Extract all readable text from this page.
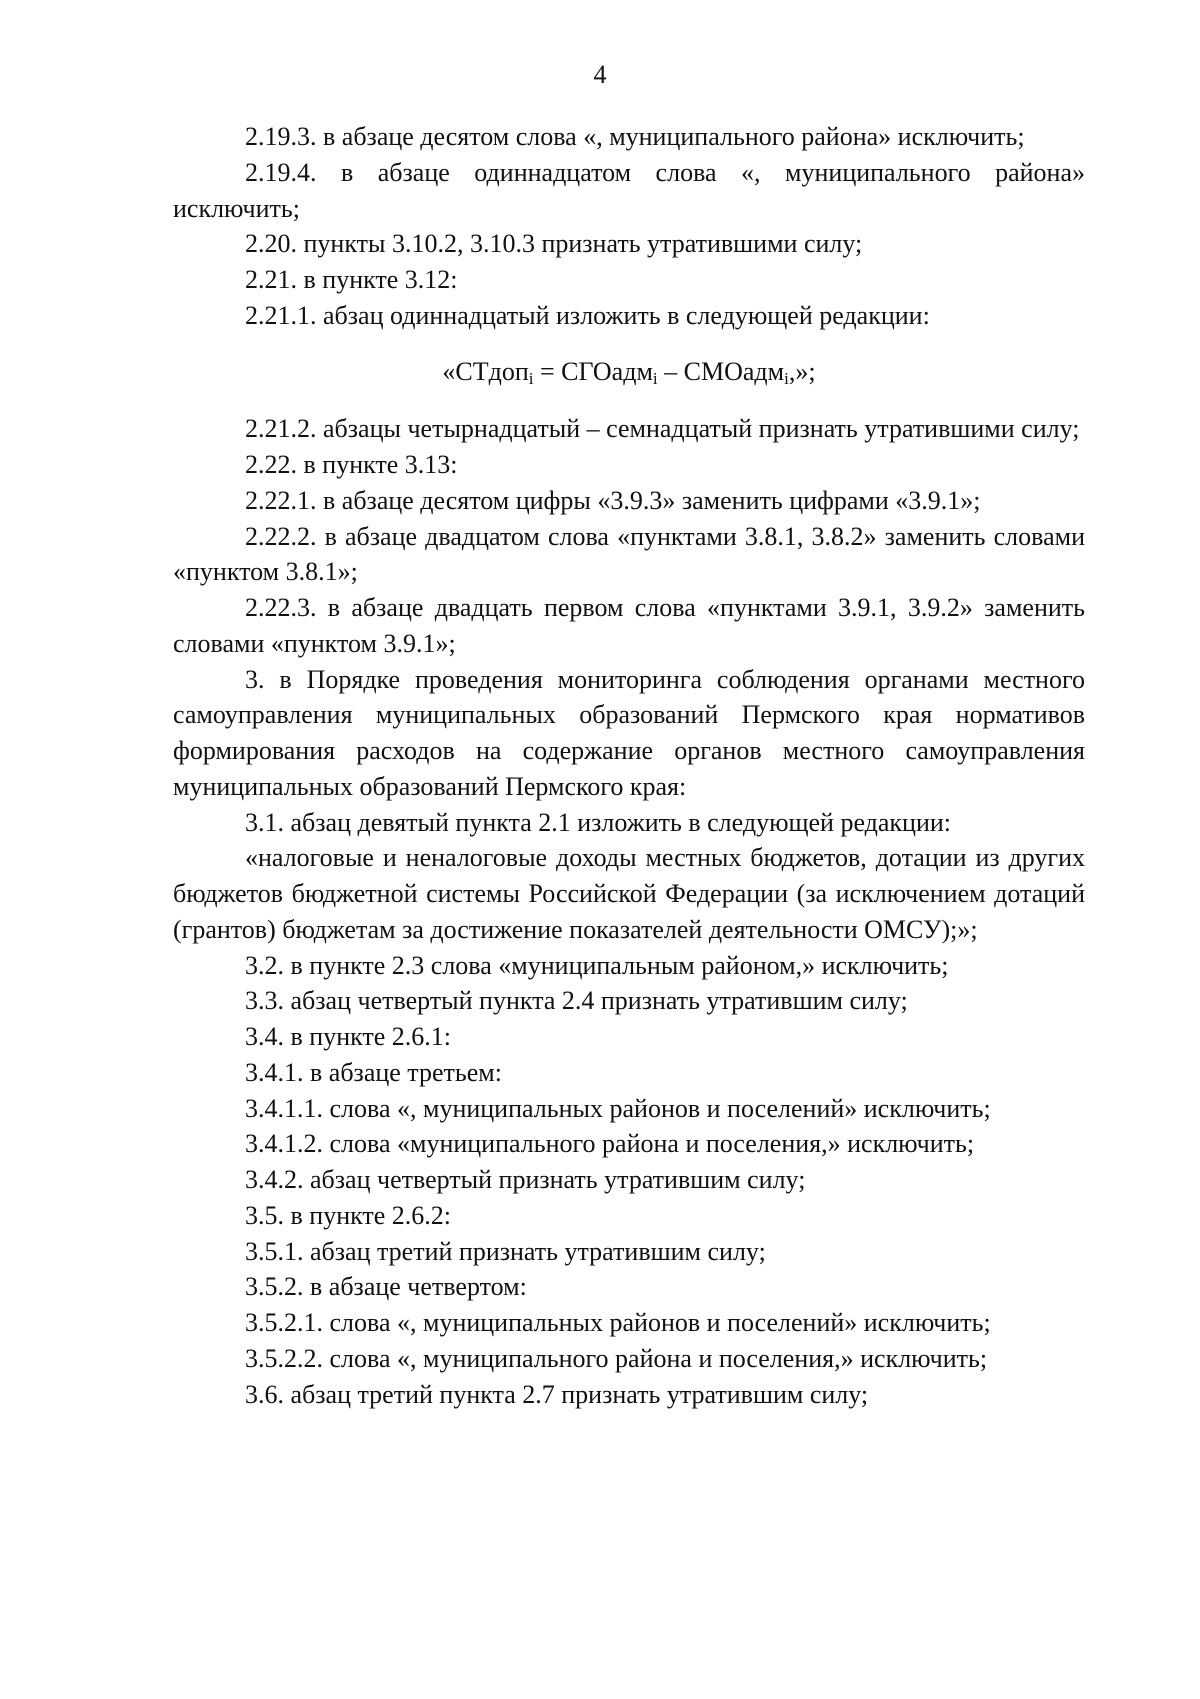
4

2.19.3. в абзаце десятом слова «, муниципального района» исключить;

2.19.4. в абзаце одиннадцатом слова «, муниципального района» исключить;

2.20. пункты 3.10.2, 3.10.3 признать утратившими силу;

2.21. в пункте 3.12:

2.21.1. абзац одиннадцатый изложить в следующей редакции:

«СТдоп$_i$ = СГОадм$_i$ – СМОадм$_i$,»;

2.21.2. абзацы четырнадцатый – семнадцатый признать утратившими силу;

2.22. в пункте 3.13:

2.22.1. в абзаце десятом цифры «3.9.3» заменить цифрами «3.9.1»;

2.22.2. в абзаце двадцатом слова «пунктами 3.8.1, 3.8.2» заменить словами «пунктом 3.8.1»;

2.22.3. в абзаце двадцать первом слова «пунктами 3.9.1, 3.9.2» заменить словами «пунктом 3.9.1»;

3. в Порядке проведения мониторинга соблюдения органами местного самоуправления муниципальных образований Пермского края нормативов формирования расходов на содержание органов местного самоуправления муниципальных образований Пермского края:

3.1. абзац девятый пункта 2.1 изложить в следующей редакции:

«налоговые и неналоговые доходы местных бюджетов, дотации из других бюджетов бюджетной системы Российской Федерации (за исключением дотаций (грантов) бюджетам за достижение показателей деятельности ОМСУ);»;

3.2. в пункте 2.3 слова «муниципальным районом,» исключить;

3.3. абзац четвертый пункта 2.4 признать утратившим силу;

3.4. в пункте 2.6.1:

3.4.1. в абзаце третьем:

3.4.1.1. слова «, муниципальных районов и поселений» исключить;

3.4.1.2. слова «муниципального района и поселения,» исключить;

3.4.2. абзац четвертый признать утратившим силу;

3.5. в пункте 2.6.2:

3.5.1. абзац третий признать утратившим силу;

3.5.2. в абзаце четвертом:

3.5.2.1. слова «, муниципальных районов и поселений» исключить;

3.5.2.2. слова «, муниципального района и поселения,» исключить;

3.6. абзац третий пункта 2.7 признать утратившим силу;
